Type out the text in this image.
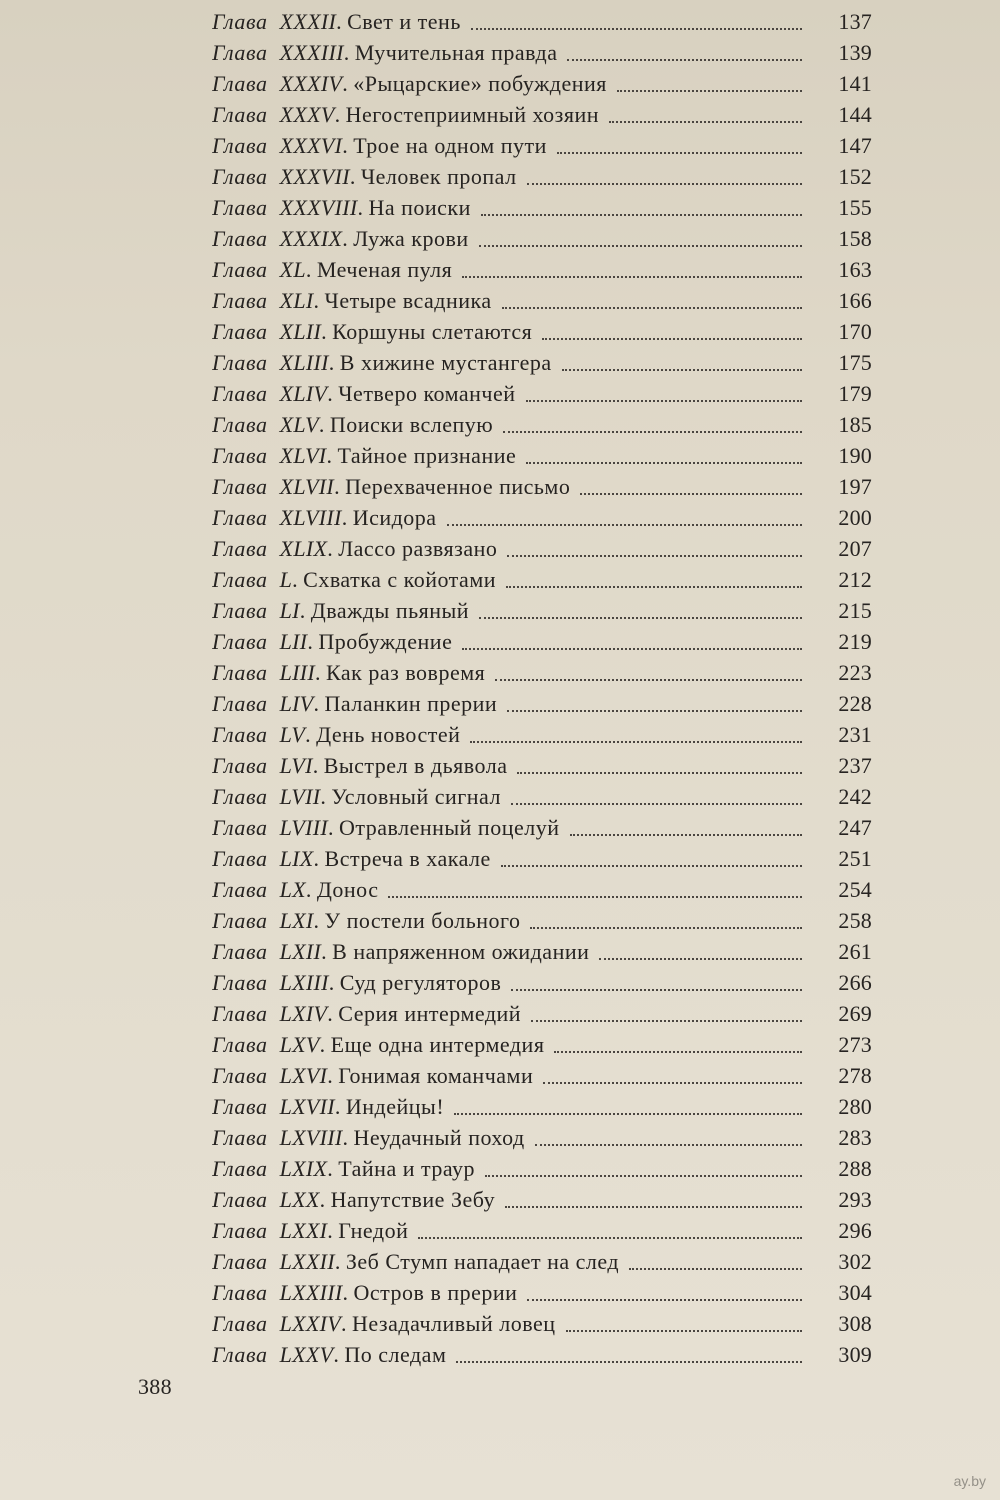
Глава XXXII . Свет и тень	137
Глава XXXIII . Мучительная правда	139
Глава XXXIV . «Рыцарские» побуждения	141
Глава XXXV . Негостеприимный хозяин	144
Глава XXXVI . Трое на одном пути	147
Глава XXXVII . Человек пропал	152
Глава XXXVIII . На поиски	155
Глава XXXIX . Лужа крови	158
Глава XL . Меченая пуля	163
Глава XLI . Четыре всадника	166
Глава XLII . Коршуны слетаются	170
Глава XLIII . В хижине мустангера	175
Глава XLIV . Четверо команчей	179
Глава XLV . Поиски вслепую	185
Глава XLVI . Тайное признание	190
Глава XLVII . Перехваченное письмо	197
Глава XLVIII . Исидора	200
Глава XLIX . Лассо развязано	207
Глава L . Схватка с койотами	212
Глава LI . Дважды пьяный	215
Глава LII . Пробуждение	219
Глава LIII . Как раз вовремя	223
Глава LIV . Паланкин прерии	228
Глава LV . День новостей	231
Глава LVI . Выстрел в дьявола	237
Глава LVII . Условный сигнал	242
Глава LVIII . Отравленный поцелуй	247
Глава LIX . Встреча в хакале	251
Глава LX . Донос	254
Глава LXI . У постели больного	258
Глава LXII . В напряженном ожидании	261
Глава LXIII . Суд регуляторов	266
Глава LXIV . Серия интермедий	269
Глава LXV . Еще одна интермедия	273
Глава LXVI . Гонимая команчами	278
Глава LXVII . Индейцы!	280
Глава LXVIII . Неудачный поход	283
Глава LXIX . Тайна и траур	288
Глава LXX . Напутствие Зебу	293
Глава LXXI . Гнедой	296
Глава LXXII . Зеб Стумп нападает на след	302
Глава LXXIII . Остров в прерии	304
Глава LXXIV . Незадачливый ловец	308
Глава LXXV . По следам	309
388
ay.by
